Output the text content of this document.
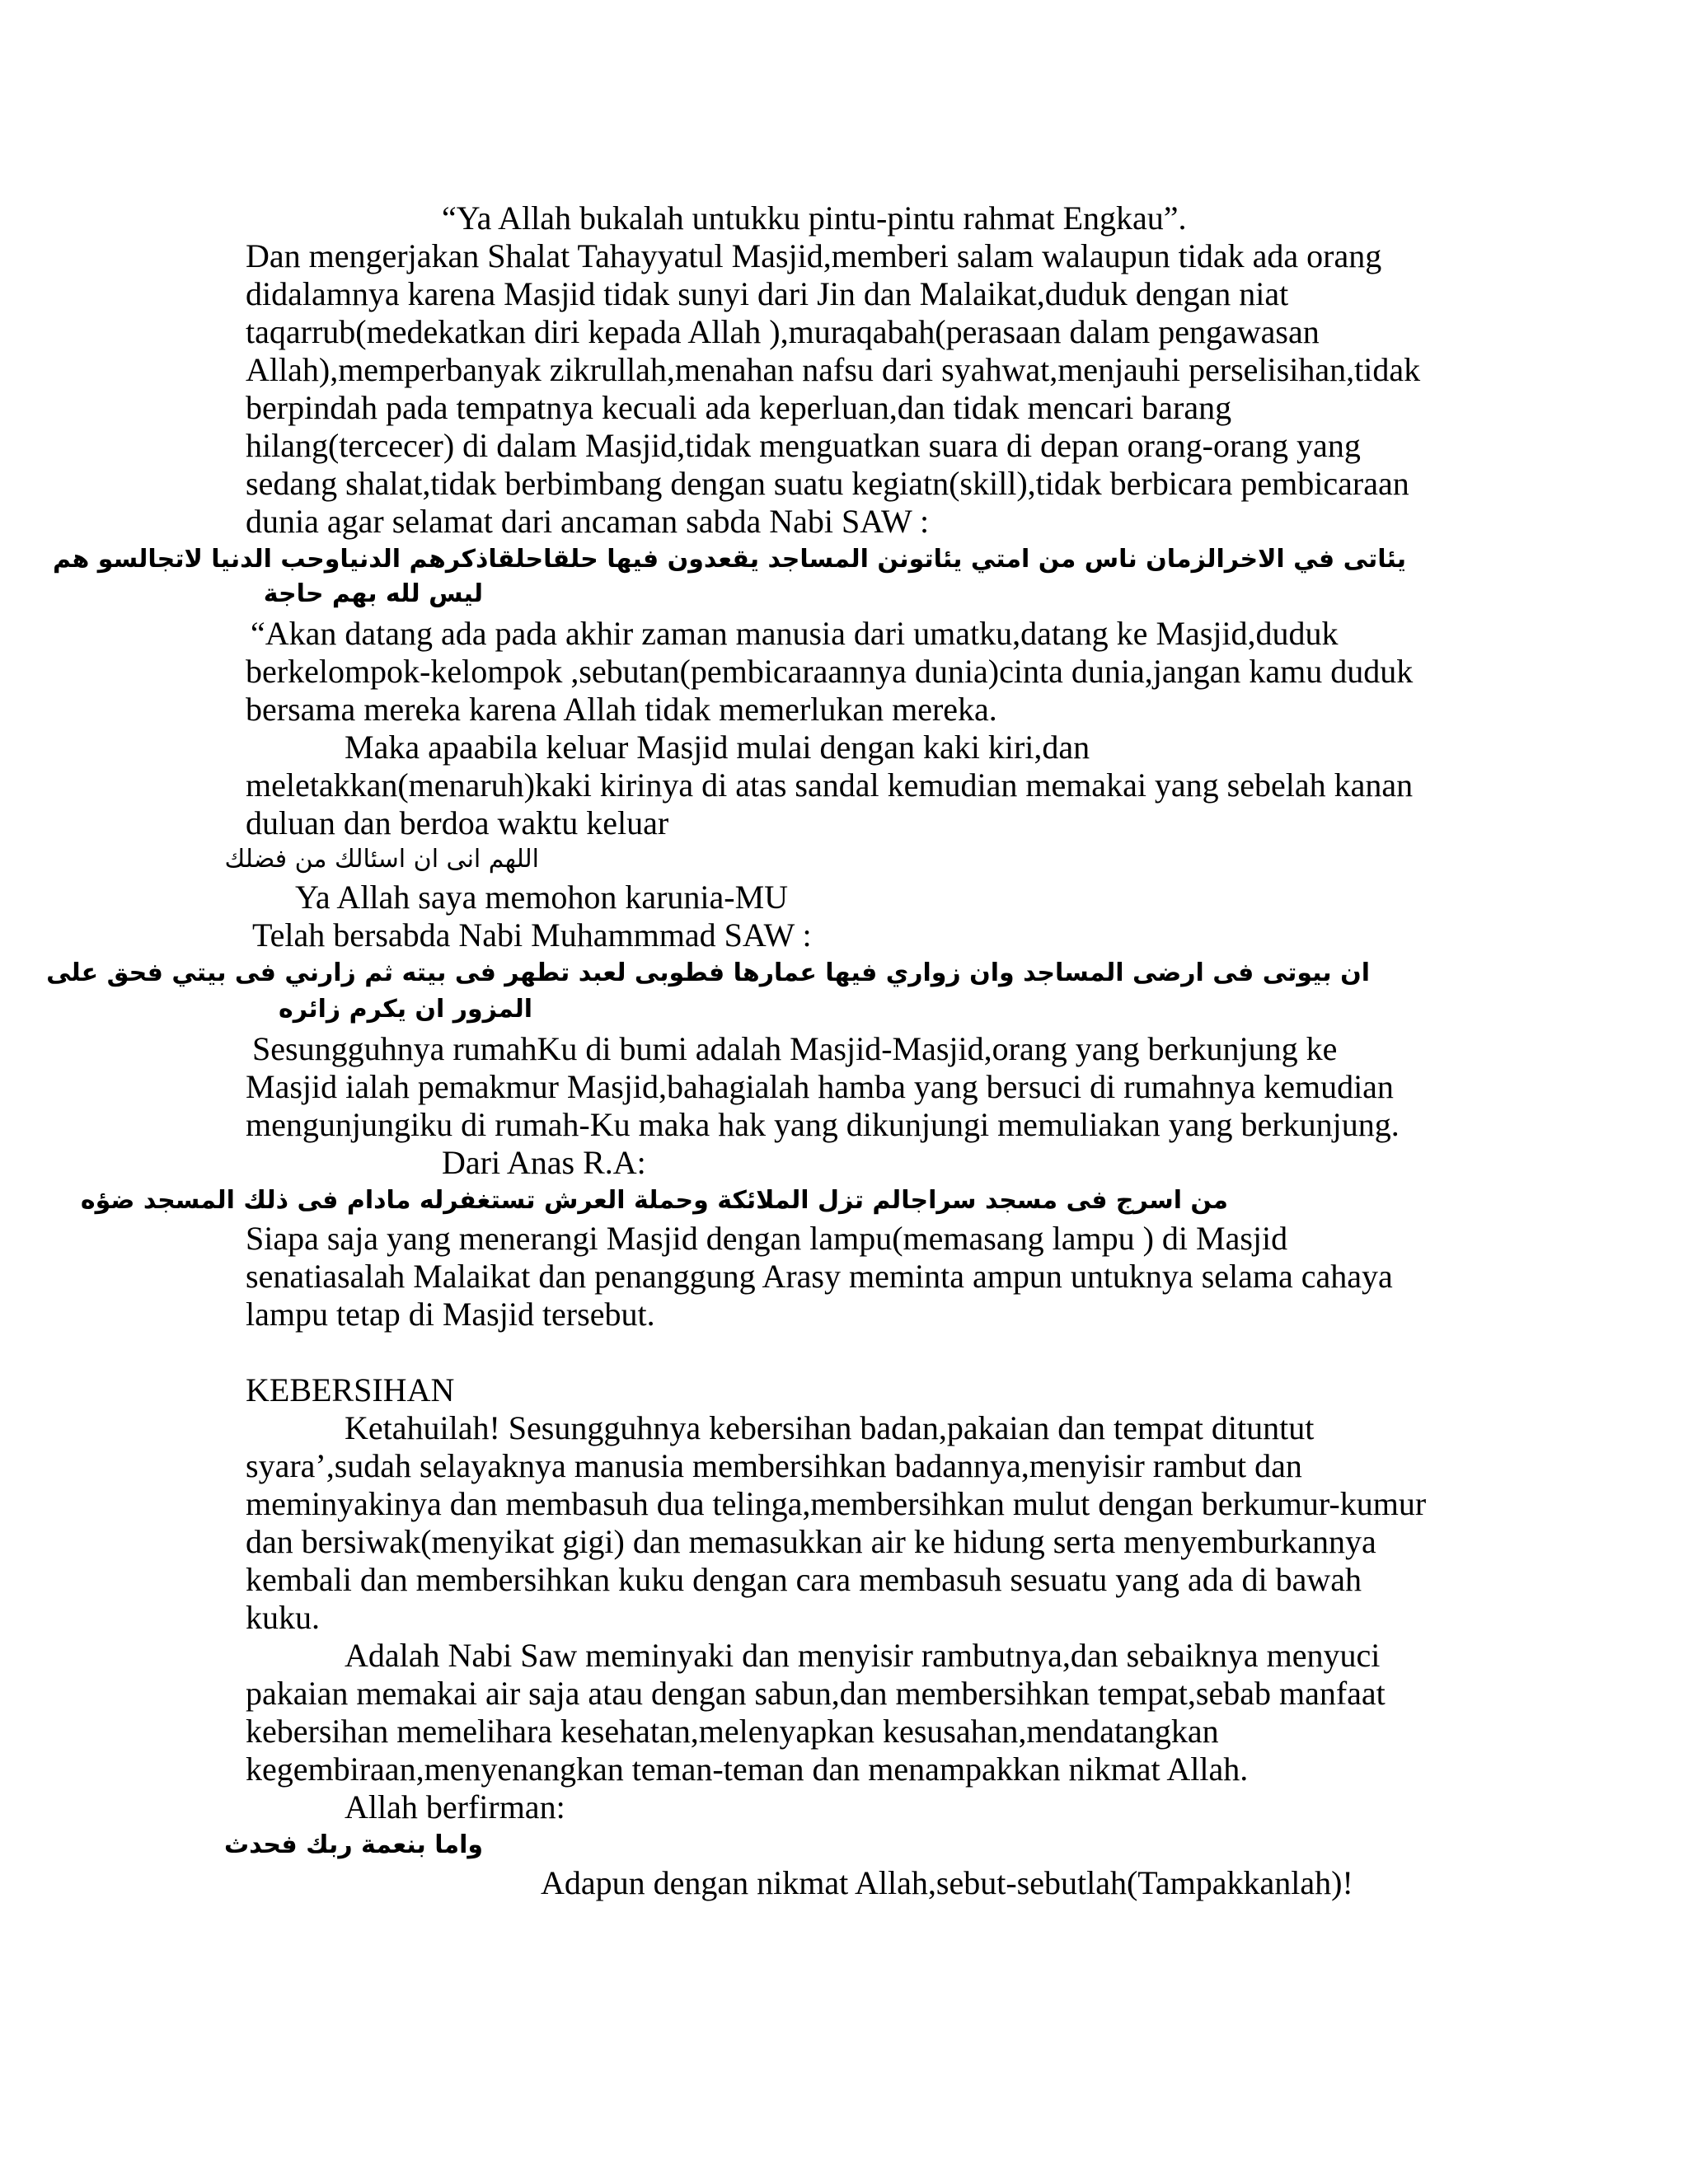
“Ya Allah bukalah untukku pintu-pintu rahmat Engkau”.
Dan mengerjakan Shalat Tahayyatul Masjid,memberi salam walaupun tidak ada orang
didalamnya karena Masjid tidak sunyi dari Jin dan Malaikat,duduk dengan niat
taqarrub(medekatkan diri kepada Allah ),muraqabah(perasaan dalam pengawasan
Allah),memperbanyak zikrullah,menahan nafsu dari syahwat,menjauhi perselisihan,tidak
berpindah pada tempatnya kecuali ada keperluan,dan tidak mencari barang
hilang(tercecer) di dalam Masjid,tidak menguatkan suara di depan orang-orang yang
sedang shalat,tidak berbimbang dengan suatu kegiatn(skill),tidak berbicara pembicaraan
dunia agar selamat dari ancaman sabda Nabi SAW :
يئاتى في الاخرالزمان ناس من امتي يئاتونن المساجد يقعدون فيها حلقاحلقاذكرهم الدنياوحب الدنيا لاتجالسو هم
ليس لله بهم حاجة
“Akan datang ada pada akhir zaman manusia dari umatku,datang ke Masjid,duduk
berkelompok-kelompok ,sebutan(pembicaraannya dunia)cinta dunia,jangan kamu duduk
bersama mereka karena Allah tidak memerlukan mereka.
Maka apaabila keluar Masjid mulai dengan kaki kiri,dan
meletakkan(menaruh)kaki kirinya di atas sandal kemudian memakai yang sebelah kanan
duluan dan berdoa waktu keluar
اللهم انى ان اسئالك من فضلك
Ya Allah saya memohon karunia-MU
Telah bersabda Nabi Muhammmad SAW :
ان بيوتى فى ارضى المساجد وان زواري فيها عمارها فطوبى لعبد تطهر فى بيته ثم زارني فى بيتي فحق على
المزور ان يكرم زائره
Sesungguhnya rumahKu di bumi adalah Masjid-Masjid,orang yang berkunjung ke
Masjid ialah pemakmur Masjid,bahagialah hamba yang bersuci di rumahnya kemudian
mengunjungiku di rumah-Ku maka hak yang dikunjungi memuliakan yang berkunjung.
Dari Anas R.A:
من اسرج فى مسجد سراجالم تزل الملائكة وحملة العرش تستغفرله مادام فى ذلك المسجد ضؤه
Siapa saja yang menerangi Masjid dengan lampu(memasang lampu ) di Masjid
senatiasalah Malaikat dan penanggung Arasy meminta ampun untuknya selama cahaya
lampu tetap di Masjid tersebut.
KEBERSIHAN
Ketahuilah! Sesungguhnya kebersihan badan,pakaian dan tempat dituntut
syara’,sudah selayaknya manusia membersihkan badannya,menyisir rambut dan
meminyakinya dan membasuh dua telinga,membersihkan mulut dengan berkumur-kumur
dan bersiwak(menyikat gigi) dan memasukkan air ke hidung serta menyemburkannya
kembali dan membersihkan kuku dengan cara membasuh sesuatu yang ada di bawah
kuku.
Adalah Nabi Saw meminyaki dan menyisir rambutnya,dan sebaiknya menyuci
pakaian memakai air saja atau dengan sabun,dan membersihkan tempat,sebab manfaat
kebersihan memelihara kesehatan,melenyapkan kesusahan,mendatangkan
kegembiraan,menyenangkan teman-teman dan menampakkan nikmat Allah.
Allah berfirman:
واما بنعمة ربك فحدث
Adapun dengan nikmat Allah,sebut-sebutlah(Tampakkanlah)!
